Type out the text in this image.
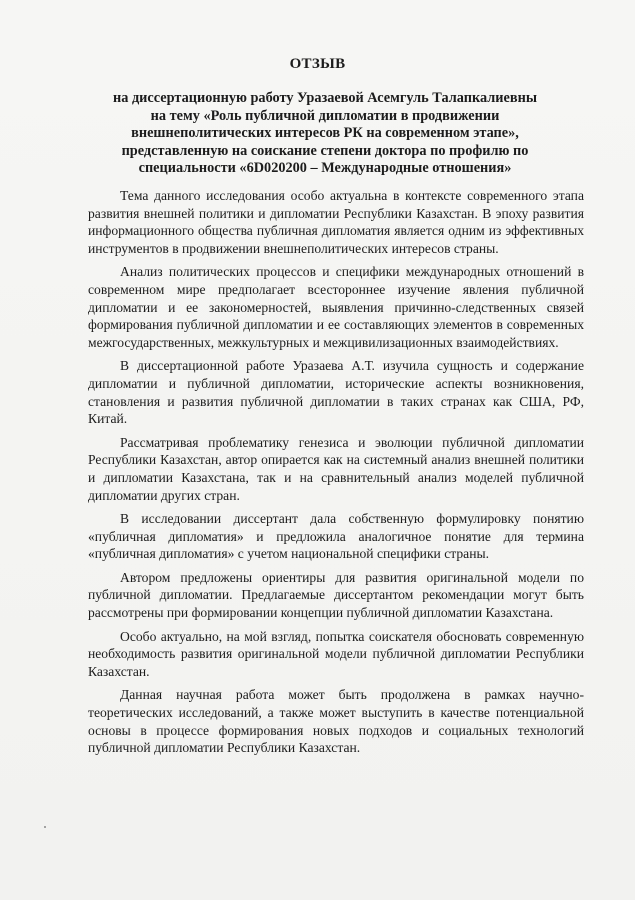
ОТЗЫВ
на диссертационную работу Уразаевой Асемгуль Талапкалиевны
на тему «Роль публичной дипломатии в продвижении
внешнеполитических интересов РК на современном этапе»,
представленную на соискание степени доктора по профилю по
специальности «6D020200 – Международные отношения»

Тема данного исследования особо актуальна в контексте современного этапа развития внешней политики и дипломатии Республики Казахстан. В эпоху развития информационного общества публичная дипломатия является одним из эффективных инструментов в продвижении внешнеполитических интересов страны.

Анализ политических процессов и специфики международных отношений в современном мире предполагает всестороннее изучение явления публичной дипломатии и ее закономерностей, выявления причинно-следственных связей формирования публичной дипломатии и ее составляющих элементов в современных межгосударственных, межкультурных и межцивилизационных взаимодействиях.

В диссертационной работе Уразаева А.Т. изучила сущность и содержание дипломатии и публичной дипломатии, исторические аспекты возникновения, становления и развития публичной дипломатии в таких странах как США, РФ, Китай.

Рассматривая проблематику генезиса и эволюции публичной дипломатии Республики Казахстан, автор опирается как на системный анализ внешней политики и дипломатии Казахстана, так и на сравнительный анализ моделей публичной дипломатии других стран.

В исследовании диссертант дала собственную формулировку понятию «публичная дипломатия» и предложила аналогичное понятие для термина «публичная дипломатия» с учетом национальной специфики страны.

Автором предложены ориентиры для развития оригинальной модели по публичной дипломатии. Предлагаемые диссертантом рекомендации могут быть рассмотрены при формировании концепции публичной дипломатии Казахстана.

Особо актуально, на мой взгляд, попытка соискателя обосновать современную необходимость развития оригинальной модели публичной дипломатии Республики Казахстан.

Данная научная работа может быть продолжена в рамках научно-теоретических исследований, а также может выступить в качестве потенциальной основы в процессе формирования новых подходов и социальных технологий публичной дипломатии Республики Казахстан.
